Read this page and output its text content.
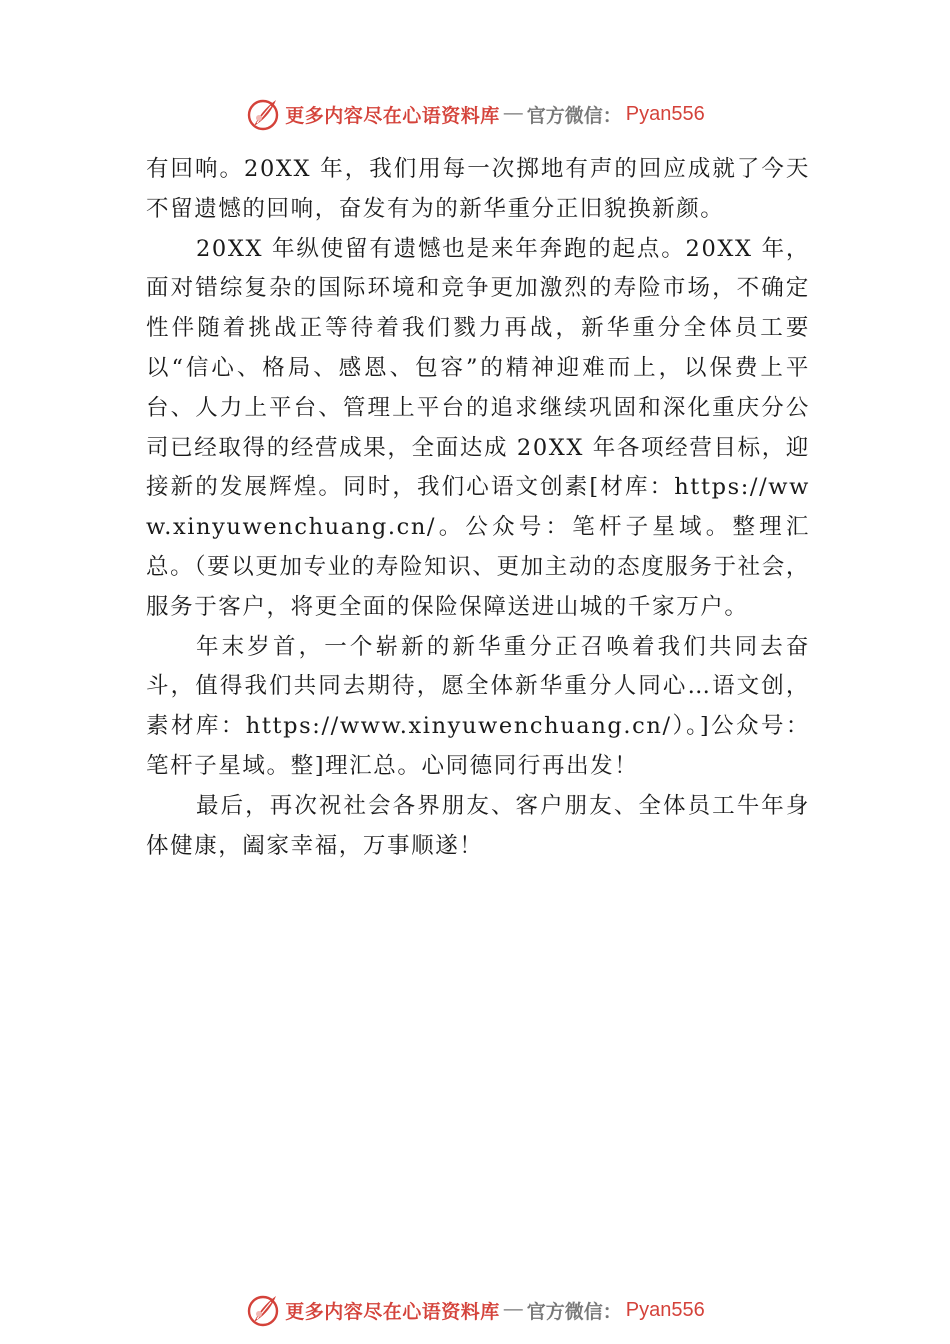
更多内容尽在心语资料库 — 官方微信： Pyan556

有回响。20XX 年，我们用每一次掷地有声的回应成就了今天不留遗憾的回响，奋发有为的新华重分正旧貌换新颜。

20XX 年纵使留有遗憾也是来年奔跑的起点。20XX 年，面对错综复杂的国际环境和竞争更加激烈的寿险市场，不确定性伴随着挑战正等待着我们戮力再战，新华重分全体员工要以“信心、格局、感恩、包容”的精神迎难而上，以保费上平台、人力上平台、管理上平台的追求继续巩固和深化重庆分公司已经取得的经营成果，全面达成 20XX 年各项经营目标，迎接新的发展辉煌。同时，我们心语文创素[材库：https://www.xinyuwenchuang.cn/。公众号：笔杆子星域。整理汇总。（要以更加专业的寿险知识、更加主动的态度服务于社会，服务于客户，将更全面的保险保障送进山城的千家万户。

年末岁首，一个崭新的新华重分正召唤着我们共同去奋斗，值得我们共同去期待，愿全体新华重分人同心…语文创，素材库：https://www.xinyuwenchuang.cn/）。]公众号：笔杆子星域。整]理汇总。心同德同行再出发！

最后，再次祝社会各界朋友、客户朋友、全体员工牛年身体健康，阖家幸福，万事顺遂！

更多内容尽在心语资料库 — 官方微信： Pyan556
